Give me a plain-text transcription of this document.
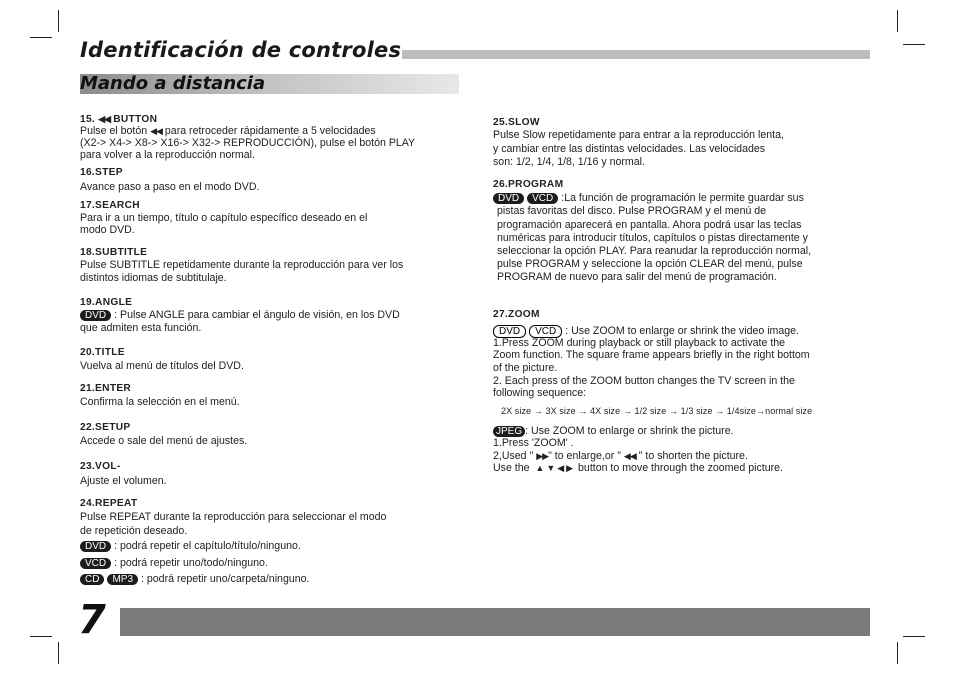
Identificación de controles
Mando a distancia
15. ◀◀ BUTTON
Pulse el botón ◀◀ para retroceder rápidamente a 5 velocidades
(X2-> X4-> X8-> X16-> X32-> REPRODUCCIÓN), pulse el botón PLAY
para volver a la reproducción normal.
16.STEP
Avance paso a paso en el modo DVD.
17.SEARCH
Para ir a un tiempo, título o capítulo específico deseado en el
modo DVD.
18.SUBTITLE
Pulse SUBTITLE repetidamente durante la reproducción para ver los
distintos idiomas de subtitulaje.
19.ANGLE
DVD : Pulse ANGLE para cambiar el ángulo de visión, en los DVD
que admiten esta función.
20.TITLE
Vuelva al menú de títulos del DVD.
21.ENTER
Confirma la selección en el menú.
22.SETUP
Accede o sale del menú de ajustes.
23.VOL-
Ajuste el volumen.
24.REPEAT
Pulse REPEAT durante la reproducción para seleccionar el modo
de repetición deseado.
DVD : podrá repetir el capítulo/título/ninguno.
VCD : podrá repetir uno/todo/ninguno.
CD MP3 : podrá repetir uno/carpeta/ninguno.
25.SLOW
Pulse Slow repetidamente para entrar a la reproducción lenta,
y cambiar entre las distintas velocidades. Las velocidades
son: 1/2, 1/4, 1/8, 1/16 y normal.
26.PROGRAM
DVD VCD :La función de programación le permite guardar sus
pistas favoritas del disco. Pulse PROGRAM y el menú de
programación aparecerá en pantalla. Ahora podrá usar las teclas
numéricas para introducir títulos, capítulos o pistas directamente y
seleccionar la opción PLAY. Para reanudar la reproducción normal,
pulse PROGRAM y seleccione la opción CLEAR del menú, pulse
PROGRAM de nuevo para salir del menú de programación.
27.ZOOM
DVD VCD : Use ZOOM to enlarge or shrink the video image.
1.Press ZOOM during playback or still playback to activate the
Zoom function. The square frame appears briefly in the right bottom
of the picture.
2. Each press of the ZOOM button changes the TV screen in the
following sequence:
2X size → 3X size → 4X size → 1/2 size → 1/3 size → 1/4size→normal size
JPEG : Use ZOOM to enlarge or shrink the picture.
1.Press 'ZOOM' .
2,Used " ▶▶" to enlarge,or " ◀◀ " to shorten the picture.
Use the ▲▼◀▶ button to move through the zoomed picture.
7
